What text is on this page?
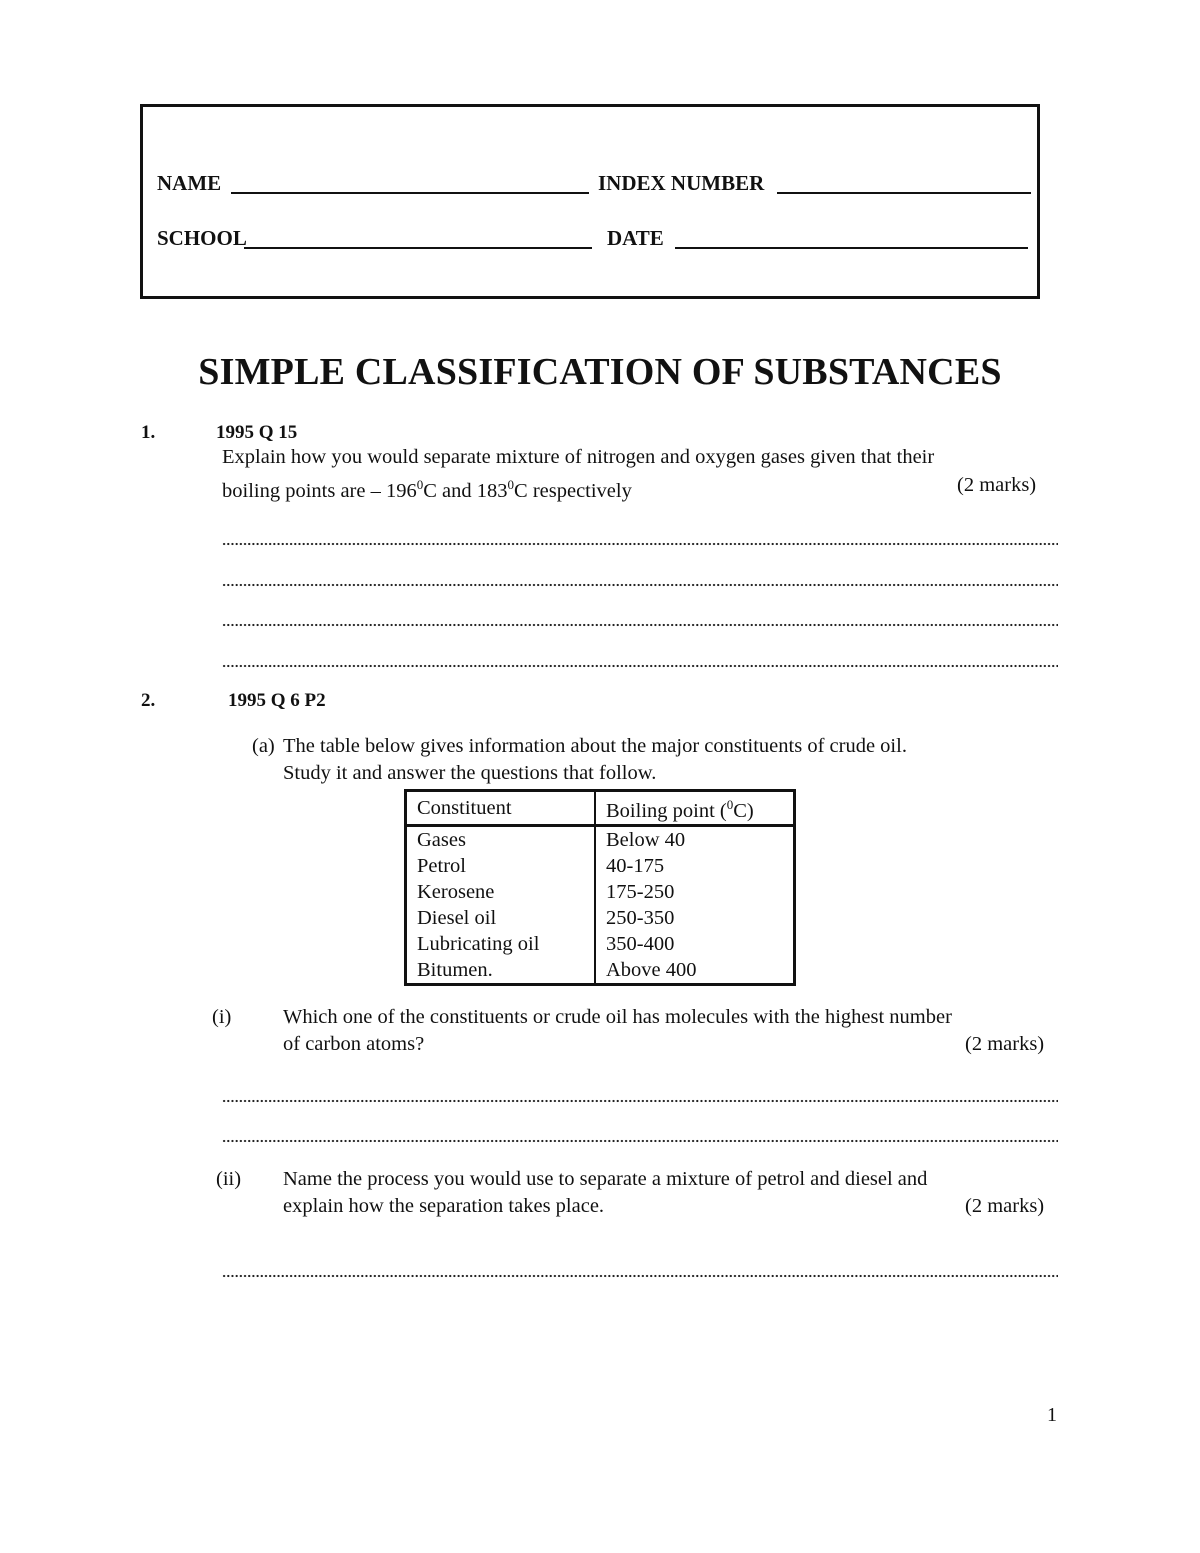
NAME	INDEX NUMBER
SCHOOL	DATE
SIMPLE CLASSIFICATION OF SUBSTANCES
1.	1995 Q 15
Explain how you would separate mixture of nitrogen and oxygen gases given that their
boiling points are – $196^0C$ and $183^0C$ respectively	(2 marks)
2.	1995 Q 6 P2
(a) The table below gives information about the major constituents of crude oil.
Study it and answer the questions that follow.
Constituent	Boiling point ($^0$C)
Gases	Below 40
Petrol	40-175
Kerosene	175-250
Diesel oil	250-350
Lubricating oil	350-400
Bitumen.	Above 400
(i)	Which one of the constituents or crude oil has molecules with the highest number
of carbon atoms?	(2 marks)
(ii) Name the process you would use to separate a mixture of petrol and diesel and
explain how the separation takes place.	(2 marks)
1
